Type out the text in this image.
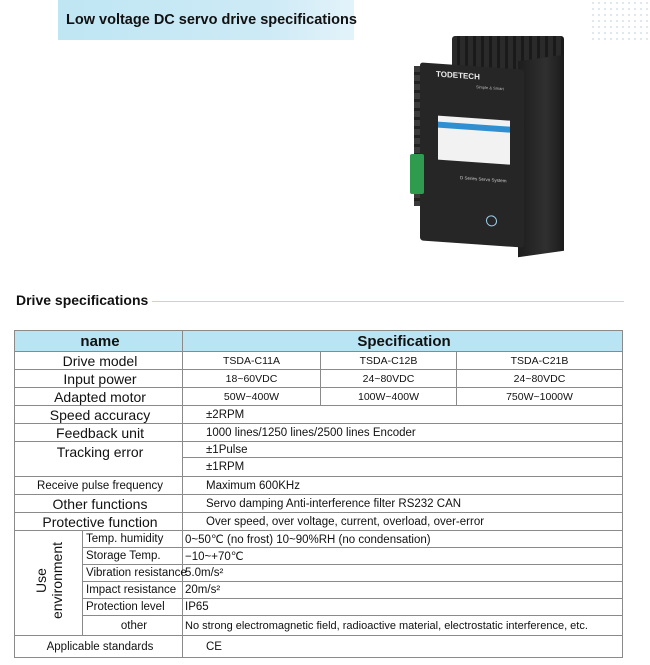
Low voltage DC servo drive specifications
TODETECH
Simple & Smart
D Series Servo System
Drive specifications
name		Specification		
Drive model		TSDA-C11A	TSDA-C12B	TSDA-C21B
Input power		18~60VDC	24~80VDC	24~80VDC
Adapted motor		50W~400W	100W~400W	750W~1000W
Speed accuracy		±2RPM		
Feedback unit		1000 lines/1250 lines/2500 lines Encoder		
Tracking error		±1Pulse		
		±1RPM		
Receive pulse frequency		Maximum 600KHz		
Other functions		Servo damping Anti-interference filter RS232 CAN		
Protective function		Over speed, over voltage, current, overload, over-error		
Use
environment	Temp. humidity	0~50℃ (no frost) 10~90%RH (no condensation)		
	Storage Temp.	−10~+70℃		
	Vibration resistance	5.0m/s²		
	Impact resistance	20m/s²		
	Protection level	IP65		
	other	No strong electromagnetic field, radioactive material, electrostatic interference, etc.		
Applicable standards		CE		
